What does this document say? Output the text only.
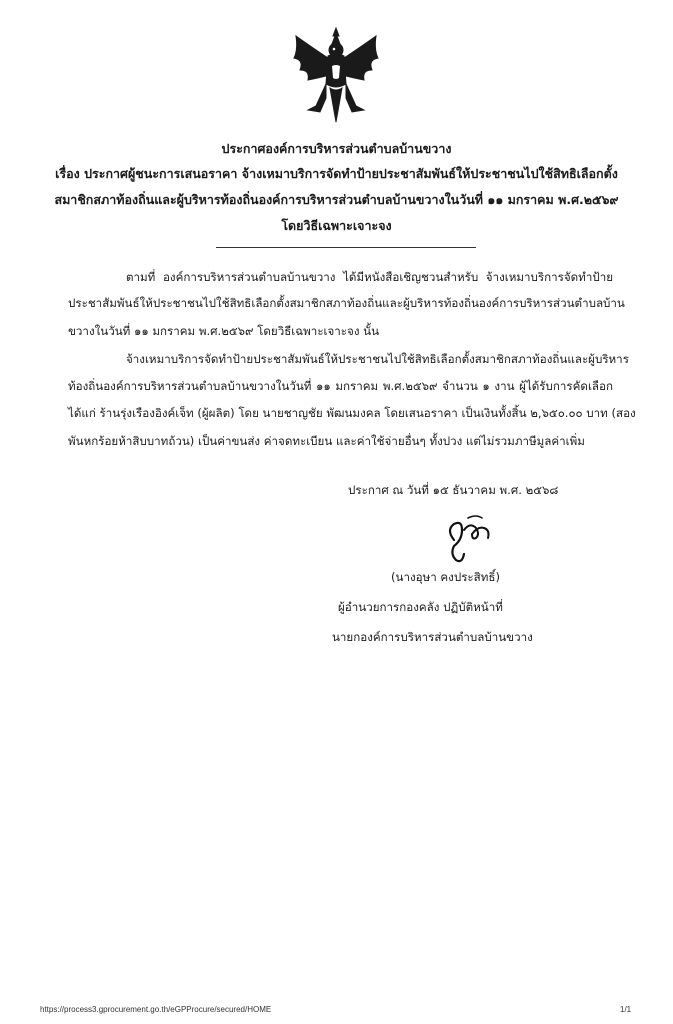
ประกาศองค์การบริหารส่วนตำบลบ้านขวาง
เรื่อง ประกาศผู้ชนะการเสนอราคา จ้างเหมาบริการจัดทำป้ายประชาสัมพันธ์ให้ประชาชนไปใช้สิทธิเลือกตั้ง
สมาชิกสภาท้องถิ่นและผู้บริหารท้องถิ่นองค์การบริหารส่วนตำบลบ้านขวางในวันที่ ๑๑ มกราคม พ.ศ.๒๕๖๙
โดยวิธีเฉพาะเจาะจง
ตามที่ องค์การบริหารส่วนตำบลบ้านขวาง ได้มีหนังสือเชิญชวนสำหรับ จ้างเหมาบริการจัดทำป้าย
ประชาสัมพันธ์ให้ประชาชนไปใช้สิทธิเลือกตั้งสมาชิกสภาท้องถิ่นและผู้บริหารท้องถิ่นองค์การบริหารส่วนตำบลบ้าน
ขวางในวันที่ ๑๑ มกราคม พ.ศ.๒๕๖๙ โดยวิธีเฉพาะเจาะจง นั้น
จ้างเหมาบริการจัดทำป้ายประชาสัมพันธ์ให้ประชาชนไปใช้สิทธิเลือกตั้งสมาชิกสภาท้องถิ่นและผู้บริหาร
ท้องถิ่นองค์การบริหารส่วนตำบลบ้านขวางในวันที่ ๑๑ มกราคม พ.ศ.๒๕๖๙ จำนวน ๑ งาน ผู้ได้รับการคัดเลือก
ได้แก่ ร้านรุ่งเรืองอิงค์เจ็ท (ผู้ผลิต) โดย นายชาญชัย พัฒนมงคล โดยเสนอราคา เป็นเงินทั้งสิ้น ๒,๖๕๐.๐๐ บาท (สอง
พันหกร้อยห้าสิบบาทถ้วน) เป็นค่าขนส่ง ค่าจดทะเบียน และค่าใช้จ่ายอื่นๆ ทั้งปวง แต่ไม่รวมภาษีมูลค่าเพิ่ม
ประกาศ ณ วันที่ ๑๕ ธันวาคม พ.ศ. ๒๕๖๘
(นางอุษา คงประสิทธิ์)
ผู้อำนวยการกองคลัง ปฏิบัติหน้าที่
นายกองค์การบริหารส่วนตำบลบ้านขวาง
https://process3.gprocurement.go.th/eGPProcure/secured/HOME	1/1
